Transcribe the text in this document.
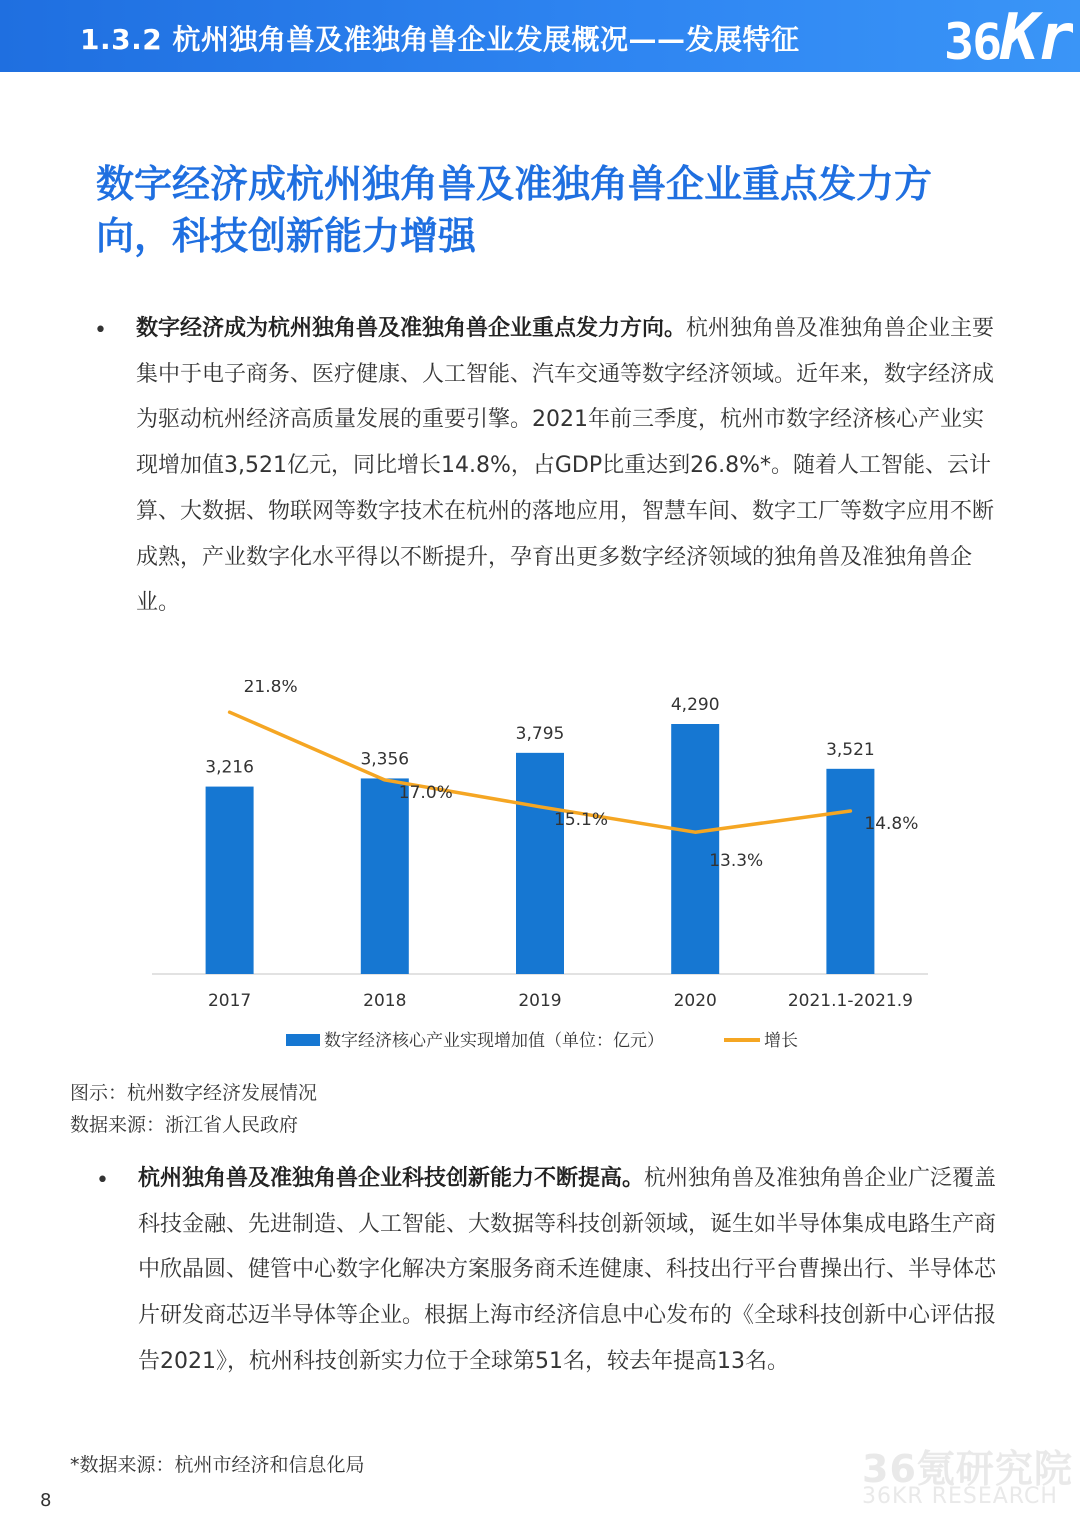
1.3.2 杭州独角兽及准独角兽企业发展概况——发展特征	36Kr
数字经济成杭州独角兽及准独角兽企业重点发力方向，科技创新能力增强
• 数字经济成为杭州独角兽及准独角兽企业重点发力方向。杭州独角兽及准独角兽企业主要集中于电子商务、医疗健康、人工智能、汽车交通等数字经济领域。近年来，数字经济成为驱动杭州经济高质量发展的重要引擎。2021年前三季度，杭州市数字经济核心产业实现增加值3,521亿元，同比增长14.8%，占GDP比重达到26.8%*。随着人工智能、云计算、大数据、物联网等数字技术在杭州的落地应用，智慧车间、数字工厂等数字应用不断成熟，产业数字化水平得以不断提升，孕育出更多数字经济领域的独角兽及准独角兽企业。
3,216
2017
3,356
2018
3,795
2019
4,290
2020
3,521
2021.1-2021.9
21.8%
17.0%
15.1%
13.3%
14.8%
数字经济核心产业实现增加值（单位：亿元）	增长
图示：杭州数字经济发展情况
数据来源：浙江省人民政府
• 杭州独角兽及准独角兽企业科技创新能力不断提高。杭州独角兽及准独角兽企业广泛覆盖科技金融、先进制造、人工智能、大数据等科技创新领域，诞生如半导体集成电路生产商中欣晶圆、健管中心数字化解决方案服务商禾连健康、科技出行平台曹操出行、半导体芯片研发商芯迈半导体等企业。根据上海市经济信息中心发布的《全球科技创新中心评估报告2021》，杭州科技创新实力位于全球第51名，较去年提高13名。
*数据来源：杭州市经济和信息化局
8
36氪研究院
36KR RESEARCH
